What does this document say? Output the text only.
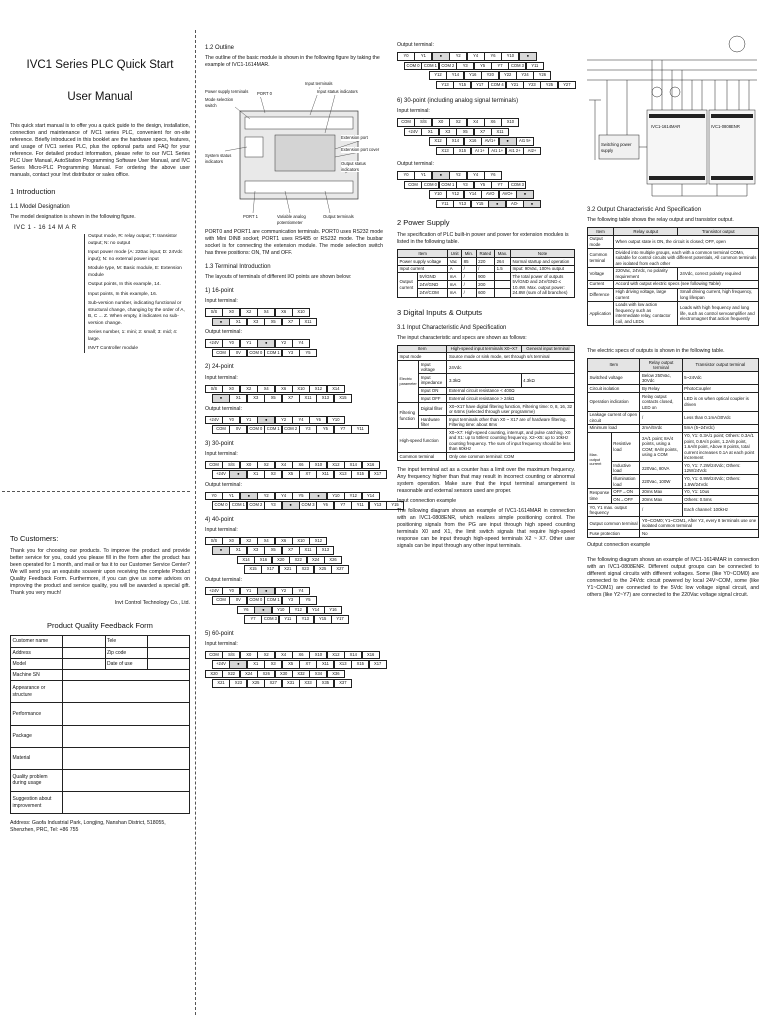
IVC1 Series PLC Quick Start
User Manual

This quick start manual is to offer you a quick guide to the design, installation, connection and maintenance of IVC1 series PLC, convenient for on-site reference. Briefly introduced in this booklet are the hardware specs, features, and usage of IVC1 series PLC, plus the optional parts and FAQ for your reference. For detailed product information, please refer to our IVC1 Series PLC User Manual, AutoStation Programming Software User Manual, and IVC Series Micro-PLC Programming Manual. For ordering the above user manuals, contact your Invt distributor or sales office.

1 Introduction
1.1 Model Designation

The model designation is shown in the following figure.

IVC 1 - 16 14 M A R

Output mode, R: relay output; T: transistor output; N: no output

Input power mode (A: 220ac input; D: 24Vdc input); N: no external power input

Module type, M: Basic module, E: Extension module

Output points, In this example, 14.

Input points, In this example, 16.

Sub-version number, indicating functional or structural change, changing by the order of A, B, C ... Z. When empty, it indicates no sub-version change.

Series number, 1: mini; 2: small; 3: mid; 4: large.

INVT Controller module

To Customers:

Thank you for choosing our products. To improve the product and provide better service for you, could you please fill in the form after the product has been operated for 1 month, and mail or fax it to our Customer Service Center? We will send you an exquisite souvenir upon receiving the complete Product Quality Feedback Form. Furthermore, if you can give us some advices on improving the product and service quality, you will be awarded a special gift. Thank you very much!

Invt Control Technology Co., Ltd.

Product Quality Feedback Form
Customer name		Tele	
Address		Zip code	
Model		Date of use	
Machine SN			
Appearance or structure			
Performance			
Package			
Material			
Quality problem during usage			
Suggestion about improvement			

Address: Gaofa Industrial Park, Longjing, Nanshan District, 518055, Shenzhen, PRC, Tel: +86 755

1.2 Outline

The outline of the basic module is shown in the following figure by taking the example of IVC1-1614MAR.

Power supply terminals
Mode selection switch
PORT 0
Input terminals
Input status indicators
System status indicators
Extension port
Extension port cover
Output status indicators
PORT 1	Variable analog potentiometer
Output terminals

PORT0 and PORT1 are communication terminals. PORT0 uses RS232 mode with Mini DIN8 socket; PORT1 uses RS485 or RS232 mode. The busbar socket is for connecting the extension module. The mode selection switch has three positions: ON, TM and OFF.

1.3 Terminal Introduction

The layouts of terminals of different I/O points are shown below:

1) 16-point

Input terminal:

S/S	X0	X2	X4	X6	X10
●	X1	X3	X5	X7	X11

Output terminal:

+24V	Y0	Y1	●	Y2	Y4
COM	0V	COM 0	COM 1	Y3	Y5
2) 24-point

Input terminal:

S/S	X0	X2	X4	X6	X10	X12	X14
●	X1	X3	X5	X7	X11	X13	X15

Output terminal:

+24V	Y0	Y1	●	Y2	Y4	Y6	Y10
COM	0V	COM 0	COM 1	COM 2	Y3	Y5	Y7	Y11
3) 30-point

Input terminal:

COM	S/S	X0	X2	X4	X6	X10	X12	X14	X16
+24V	●	X1	X3	X5	X7	X11	X13	X15	X17

Output terminal:

Y0	Y1	●	Y2	Y4	Y5	●	Y10	Y12	Y14
COM 0	COM 1	COM 2	Y3	●	COM 3	Y6	Y7	Y11	Y13	Y15
4) 40-point

Input terminal:

S/S	X0	X2	X4	X6	X10	X12
●	X1	X3	X5	X7	X11	X13
X14	X16	X20	X22	X24	X26
X15	X17	X21	X23	X25	X27

Output terminal:

+24V	Y0	Y1	●	Y2	Y4
COM	0V	COM 0	COM 1	Y3	Y5
Y6	●	Y10	Y12	Y14	Y16
Y7	COM 3	Y11	Y13	Y15	Y17
5) 60-point

Input terminal:

COM	S/S	X0	X2	X4	X6	X10	X12	X14	X16
+24V	●	X1	X3	X5	X7	X11	X13	X15	X17
X20	X22	X24	X26	X30	X32	X34	X36
X21	X23	X25	X27	X31	X33	X35	X37

Output terminal:

Y0	Y1	●	Y2	Y4	Y6	Y10	●
COM 0	COM 1	COM 2	Y3	Y5	Y7	COM 3	Y11
Y12	Y14	Y16	Y20	Y22	Y24	Y26
Y13	Y15	Y17	COM 4	Y21	Y23	Y25	Y27
6) 30-point (including analog signal terminals)

Input terminal:

COM	S/S	X0	X2	X4	X6	X10
+24V	X1	X3	X5	X7	X11
X12	X14	X16	AV/1+	●	AI1 5+
X13	X15	AI 1+	AI1 1+	AI1 2+	AI2+

Output terminal:

Y0	Y1	●	Y2	Y4	Y6
COM	COM 0	COM 1	Y3	Y5	Y7	COM 3
Y10	Y12	Y14	AVO	AVO+	●
Y11	Y13	Y15	●	AO-	●
2 Power Supply

The specification of PLC built-in power and power for extension modules is listed in the following table.

Item		Unit	Min.	Rated	Max.	Note
Power supply voltage		Vac	85	220	264	Normal startup and operation
Input current		A	/	/	1.5	Input: 90Vac, 100% output
Output current	5V/GND	mA	/	900		The total power of outputs 5V/GND and 24V/GND ≤ 10.4W. Max. output power: 24.8W (sum of all branches)
	24V/GND	mA	/	200		
	24V/COM	mA	/	600		
3 Digital Inputs & Outputs
3.1 Input Characteristic And Specification

The input characteristic and specs are shown as follows:

Item		High-speed input terminals X0~X7	General input terminal
Input mode		Source mode or sink mode, set through s/s terminal	
Electric parameter	Input voltage	24Vdc	
	Input impedance	3.3kΩ	4.3kΩ
	Input ON	External circuit resistance < 400Ω	
	Input OFF	External circuit resistance > 24kΩ	
Filtering function	Digital filter	X0~X17 have digital filtering function, Filtering time: 0, 8, 16, 32 or 64ms (selected through user programme)	
	Hardware filter	Input terminals other than X0 ~ X17 are of hardware filtering. Filtering time: about 8ms	
High-speed function		X0~X7: High-speed counting, interrupt, and pulse catching. X0 and X1: up to 50kHz counting frequency. X2~X5: up to 10kHz counting frequency. The sum of input frequency should be less than 60kHz	
Common terminal		Only one common terminal: COM	

The input terminal act as a counter has a limit over the maximum frequency. Any frequency higher than that may result in incorrect counting or abnormal system operation. Make sure that the input terminal arrangement is reasonable and external sensors used are proper.

Input connection example

The following diagram shows an example of IVC1-1614MAR in connection with an IVC1-0808ENR, which realizes simple positioning control. The positioning signals from the PG are input through high speed counting terminals X0 and X1, the limit switch signals that require high-speed response can be input through high-speed terminals X2 ~ X7. Other user signals can be input through any other input terminals.

Switching power supply
IVC1-1614MAR	IVC1-0808ENR
3.2 Output Characteristic And Specification

The following table shows the relay output and transistor output.

Item	Relay output	Transistor output
Output mode	When output state is ON, the circuit is closed; OFF, open	
Common terminal	Divided into multiple groups, each with a common terminal COMn, suitable for control circuits with different potentials, All common terminals are isolated from each other	
Voltage	220Vac, 24Vdc, no polarity requirement	24Vdc, correct polarity required
Current	Accord with output electric specs (see following Table)	
Difference	High driving voltage, large current	Small driving current, high frequency, long lifespan
Application	Loads with low action frequency such as intermediate relay, contactor coil, and LEDs	Loads with high frequency and long life, such as control servoamplifier and electromagnet that action frequently

The electric specs of outputs is shown in the following table.

Item		Relay output terminal	Transistor output terminal
Switched voltage		Below 250Vac, 30Vdc	5~24Vdc
Circuit isolation		By Relay	PhotoCoupler
Operation indication		Relay output contacts closed, LED on	LED is on when optical coupler is driven
Leakage current of open circuit		/	Less than 0.1mA/30Vdc
Minimum load		2mA/5Vdc	5mA (5~24Vdc)
Max. output current	Resistive load	2A/1 point; 8A/4 points, using a COM; 8A/8 points, using a COM	Y0, Y1: 0.3A/1 point; Others: 0.3A/1 point, 0.8A/4 point, 1.2A/6 point, 1.6A/8 point, Above 8 points, total current increases 0.1A at each point increment
	Inductive load	220Vac, 80VA	Y0, Y1: 7.2W/24Vdc; Others: 12W/24Vdc
	Illumination load	220Vac, 100W	Y0, Y1: 0.9W/24Vdc; Others: 1.5W/24Vdc
Response time	OFF→ON	20ms Max	Y0, Y1: 10us
	ON→OFF	20ms Max	Others: 0.5ms
Y0, Y1 max. output frequency		/	Each channel: 100kHz
Output common terminal		Y0~COM0; Y1~COM1, After Y2, every 8 terminals use one isolated common terminal	
Fuse protection		No	

Output connection example

The following diagram shows an example of IVC1-1614MAR in connection with an IVC1-0808ENR. Different output groups can be connected to different signal circuits with different voltages. Some (like Y0~COM0) are connected to the 24Vdc circuit powered by local 24V~COM, some (like Y1~COM1) are connected to the 5Vdc low voltage signal circuit, and others (like Y2~Y7) are connected to the 220Vac voltage signal circuit.
